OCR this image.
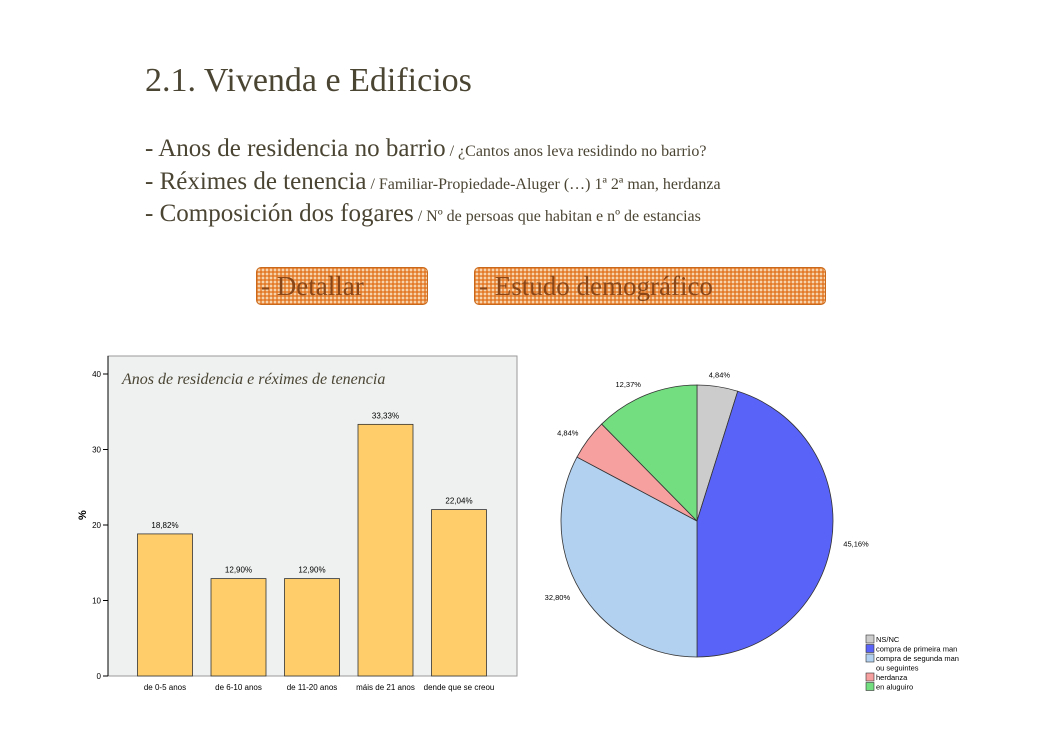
2.1. Vivenda e Edificios
- Anos de residencia no barrio / ¿Cantos anos leva residindo no barrio?
- Réximes de tenencia / Familiar-Propiedade-Aluger (…) 1ª 2ª man, herdanza
- Composición dos fogares / Nº de persoas que habitan e nº de estancias
- Detallar	- Estudo demográfico
Anos de residencia e réximes de tenencia
%
0
10
20
30
40
18,82%
de 0-5 anos
12,90%
de 6-10 anos
12,90%
de 11-20 anos
33,33%
máis de 21 anos
22,04%
dende que se creou
4,84%
45,16%
32,80%
4,84%
12,37%
NS/NC
compra de primeira man
compra de segunda man
ou seguintes
herdanza
en aluguiro
